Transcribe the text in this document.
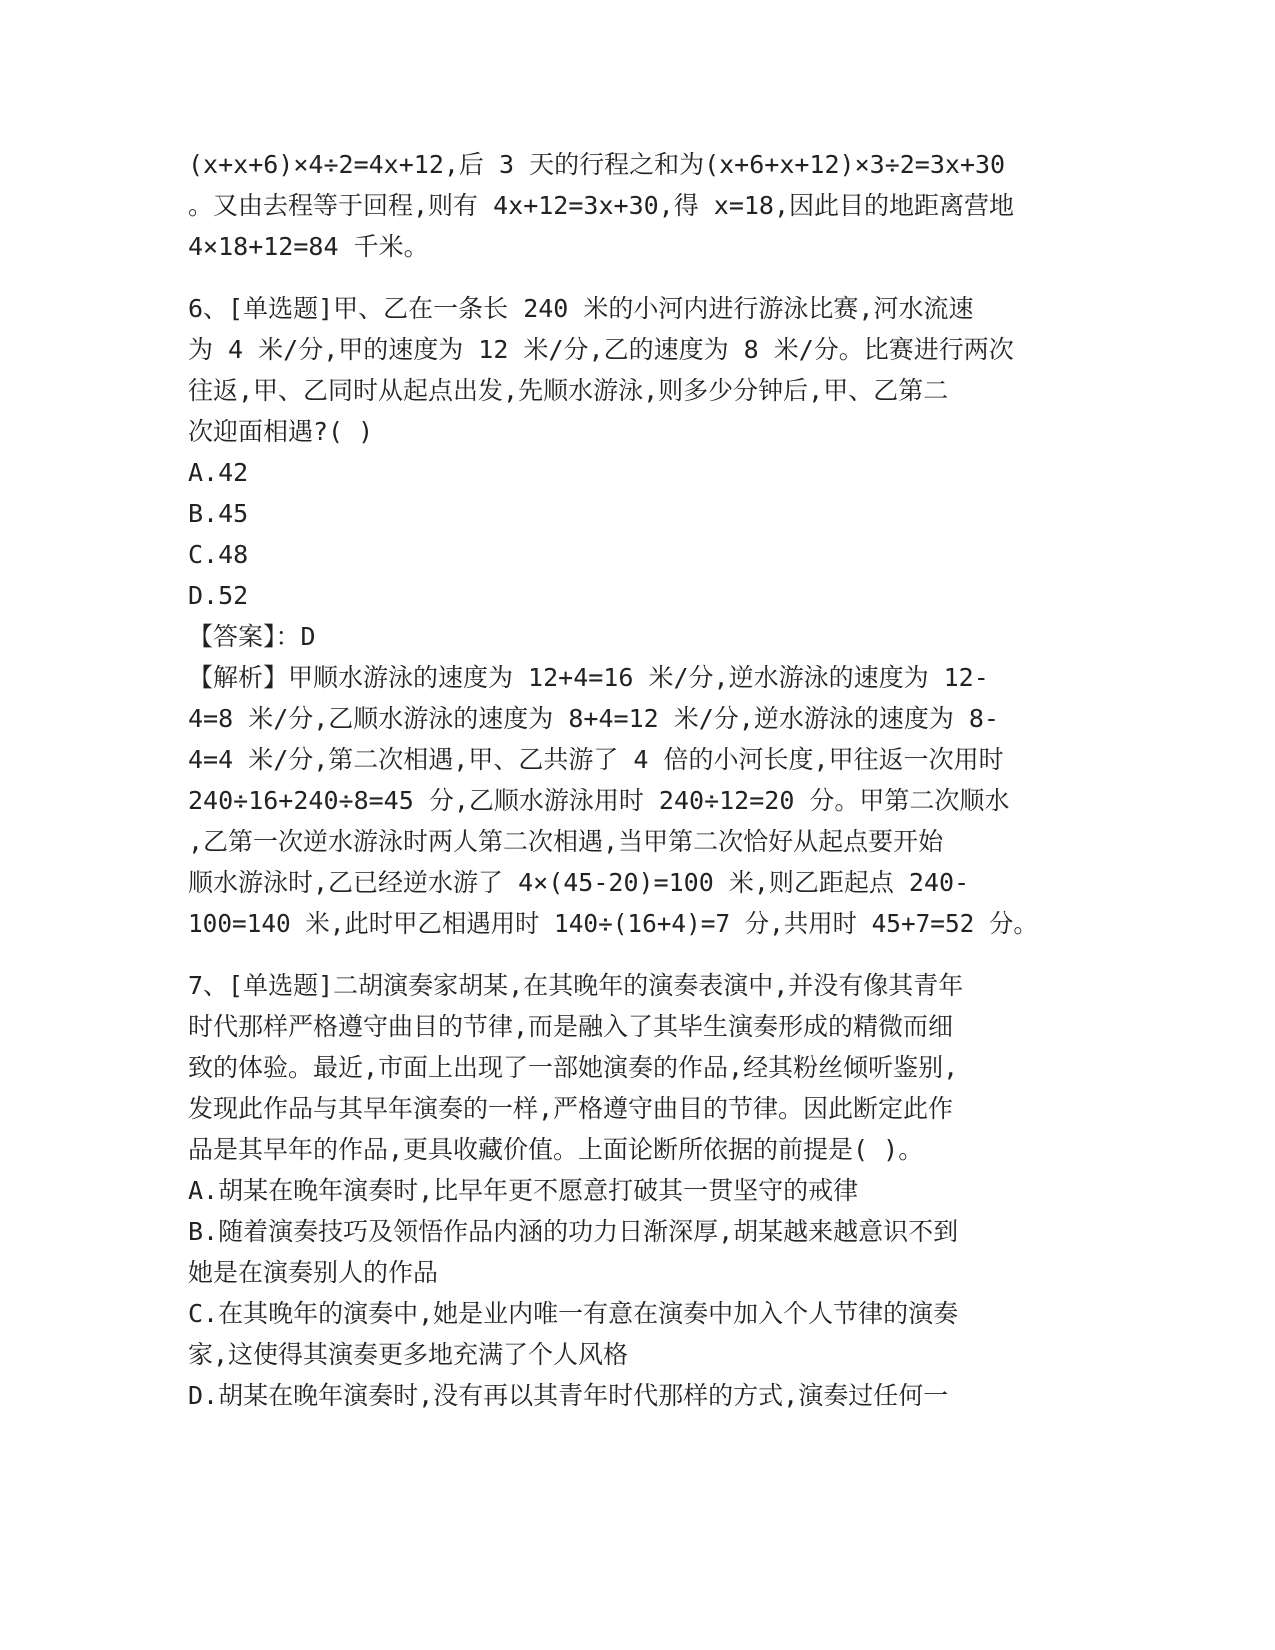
(x+x+6)×4÷2=4x+12,后 3 天的行程之和为(x+6+x+12)×3÷2=3x+30
。又由去程等于回程,则有 4x+12=3x+30,得 x=18,因此目的地距离营地
4×18+12=84 千米。
6、[单选题]甲、乙在一条长 240 米的小河内进行游泳比赛,河水流速
为 4 米/分,甲的速度为 12 米/分,乙的速度为 8 米/分。比赛进行两次
往返,甲、乙同时从起点出发,先顺水游泳,则多少分钟后,甲、乙第二
次迎面相遇?( )
A.42
B.45
C.48
D.52
【答案】：D
【解析】甲顺水游泳的速度为 12+4=16 米/分,逆水游泳的速度为 12-
4=8 米/分,乙顺水游泳的速度为 8+4=12 米/分,逆水游泳的速度为 8-
4=4 米/分,第二次相遇,甲、乙共游了 4 倍的小河长度,甲往返一次用时
240÷16+240÷8=45 分,乙顺水游泳用时 240÷12=20 分。甲第二次顺水
,乙第一次逆水游泳时两人第二次相遇,当甲第二次恰好从起点要开始
顺水游泳时,乙已经逆水游了 4×(45-20)=100 米,则乙距起点 240-
100=140 米,此时甲乙相遇用时 140÷(16+4)=7 分,共用时 45+7=52 分。
7、[单选题]二胡演奏家胡某,在其晚年的演奏表演中,并没有像其青年
时代那样严格遵守曲目的节律,而是融入了其毕生演奏形成的精微而细
致的体验。最近,市面上出现了一部她演奏的作品,经其粉丝倾听鉴别,
发现此作品与其早年演奏的一样,严格遵守曲目的节律。因此断定此作
品是其早年的作品,更具收藏价值。上面论断所依据的前提是( )。
A.胡某在晚年演奏时,比早年更不愿意打破其一贯坚守的戒律
B.随着演奏技巧及领悟作品内涵的功力日渐深厚,胡某越来越意识不到
她是在演奏别人的作品
C.在其晚年的演奏中,她是业内唯一有意在演奏中加入个人节律的演奏
家,这使得其演奏更多地充满了个人风格
D.胡某在晚年演奏时,没有再以其青年时代那样的方式,演奏过任何一
